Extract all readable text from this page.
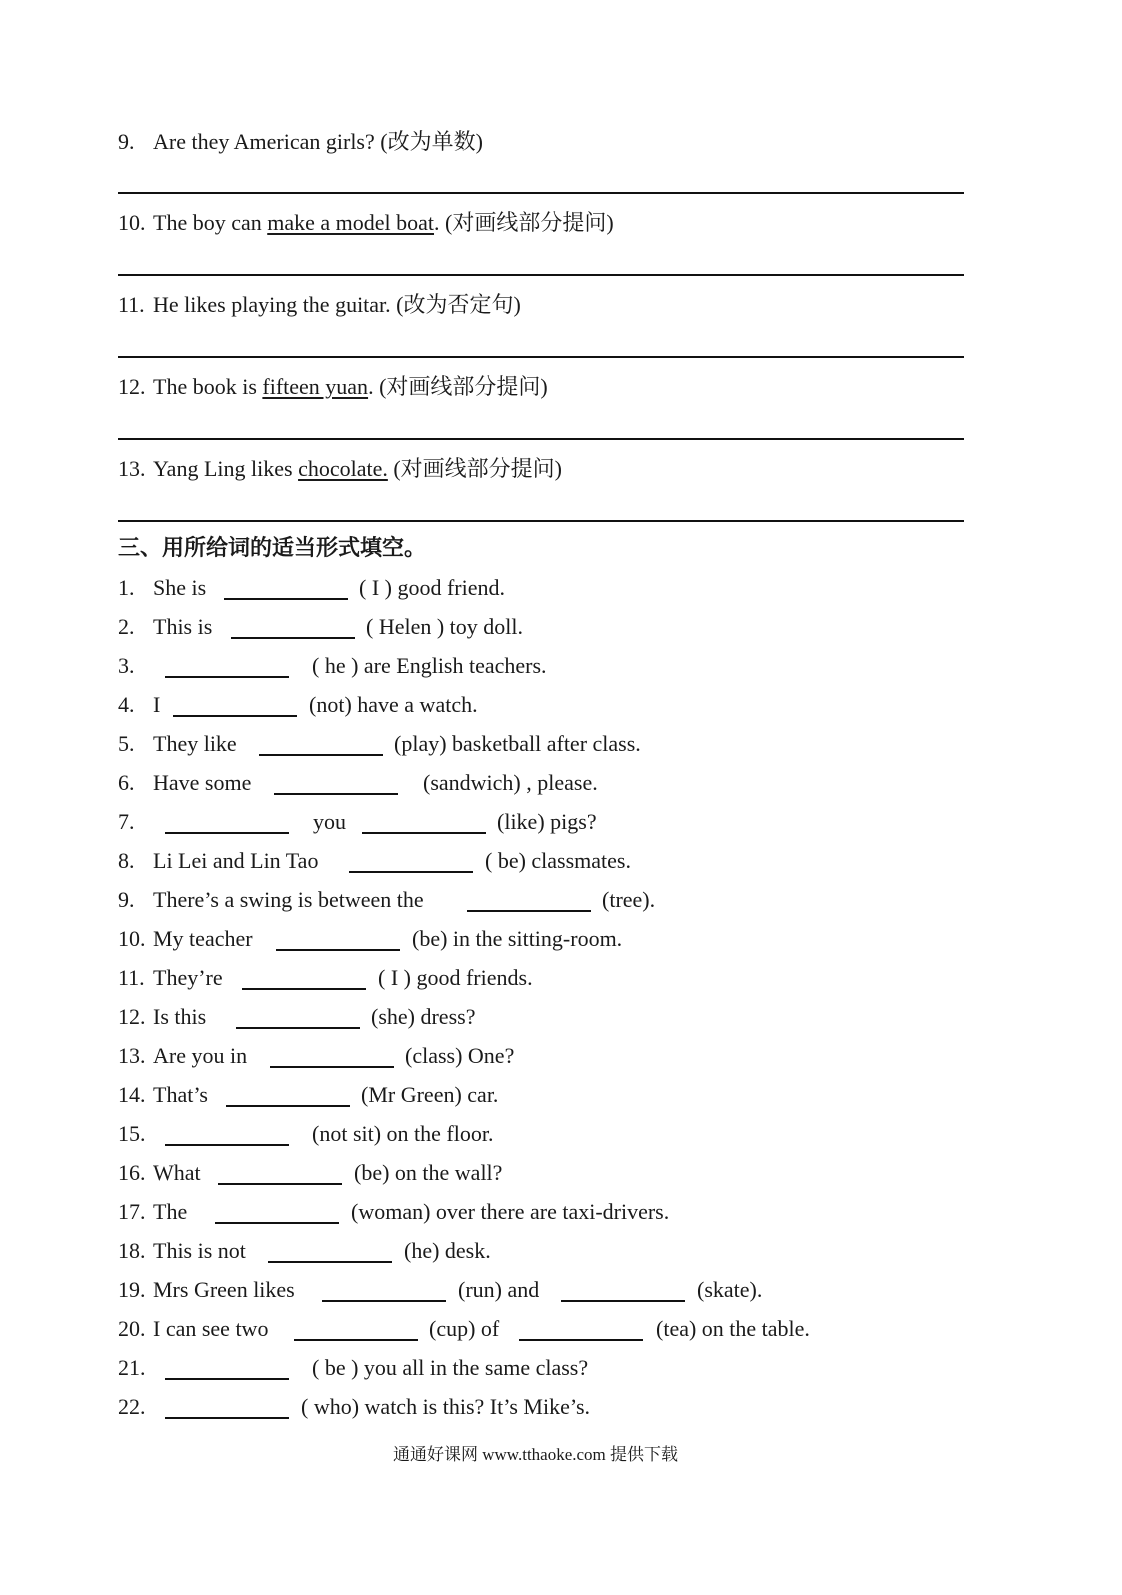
9. Are they American girls? (改为单数)
10. The boy can make a model boat. (对画线部分提问)
11. He likes playing the guitar. (改为否定句)
12. The book is fifteen yuan. (对画线部分提问)
13. Yang Ling likes chocolate. (对画线部分提问)
三、用所给词的适当形式填空。
1. She is	( I ) good friend.
2. This is	( Helen ) toy doll.
3.	( he ) are English teachers.
4. I	(not) have a watch.
5. They like	(play) basketball after class.
6. Have some	(sandwich) , please.
7.	you	(like) pigs?
8. Li Lei and Lin Tao	( be) classmates.
9. There’s a swing is between the	(tree).
10. My teacher	(be) in the sitting-room.
11. They’re	( I ) good friends.
12. Is this	(she) dress?
13. Are you in	(class) One?
14. That’s	(Mr Green) car.
15.	(not sit) on the floor.
16. What	(be) on the wall?
17. The	(woman) over there are taxi-drivers.
18. This is not	(he) desk.
19. Mrs Green likes	(run) and	(skate).
20. I can see two	(cup) of	(tea) on the table.
21.	( be ) you all in the same class?
22.	( who) watch is this? It’s Mike’s.
通通好课网 www.tthaoke.com 提供下载
